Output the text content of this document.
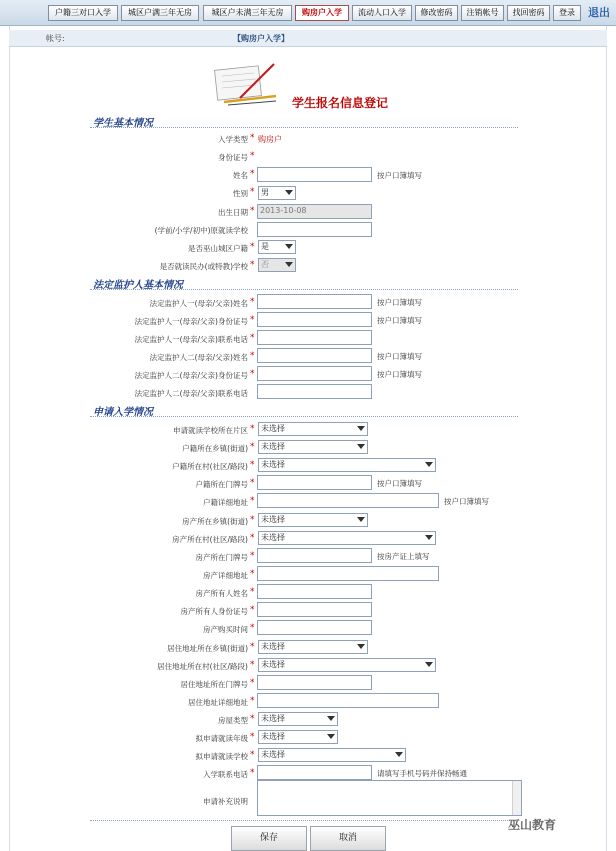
户籍三对口入学	城区户满三年无房	城区户未满三年无房	购房户入学	流动人口入学	修改密码	注销帐号	找回密码	登录	退出
帐号:	【购房户入学】
学生报名信息登记
学生基本情况
入学类型 * 购房户
身份证号 *
姓名 *	按户口簿填写
性别 * 男
出生日期 * 2013-10-08
(学前/小学/初中)原就读学校
是否巫山城区户籍 * 是
是否就读民办(或特教)学校 * 否
法定监护人基本情况
法定监护人一(母亲/父亲)姓名 *	按户口簿填写
法定监护人一(母亲/父亲)身份证号 *	按户口簿填写
法定监护人一(母亲/父亲)联系电话 *
法定监护人二(母亲/父亲)姓名 *	按户口簿填写
法定监护人二(母亲/父亲)身份证号 *	按户口簿填写
法定监护人二(母亲/父亲)联系电话
申请入学情况
申请就读学校所在片区 * 未选择
户籍所在乡镇(街道) * 未选择
户籍所在村(社区/路段) * 未选择
户籍所在门牌号 *	按户口簿填写
户籍详细地址 *	按户口簿填写
房产所在乡镇(街道) * 未选择
房产所在村(社区/路段) * 未选择
房产所在门牌号 *	按房产证上填写
房产详细地址 *
房产所有人姓名 *
房产所有人身份证号 *
房产购买时间 *
居住地址所在乡镇(街道) * 未选择
居住地址所在村(社区/路段) * 未选择
居住地址所在门牌号 *
居住地址详细地址 *
房屋类型 * 未选择
拟申请就读年级 * 未选择
拟申请就读学校 * 未选择
入学联系电话 *	请填写手机号码并保持畅通
申请补充说明
保存	取消
巫山教育
